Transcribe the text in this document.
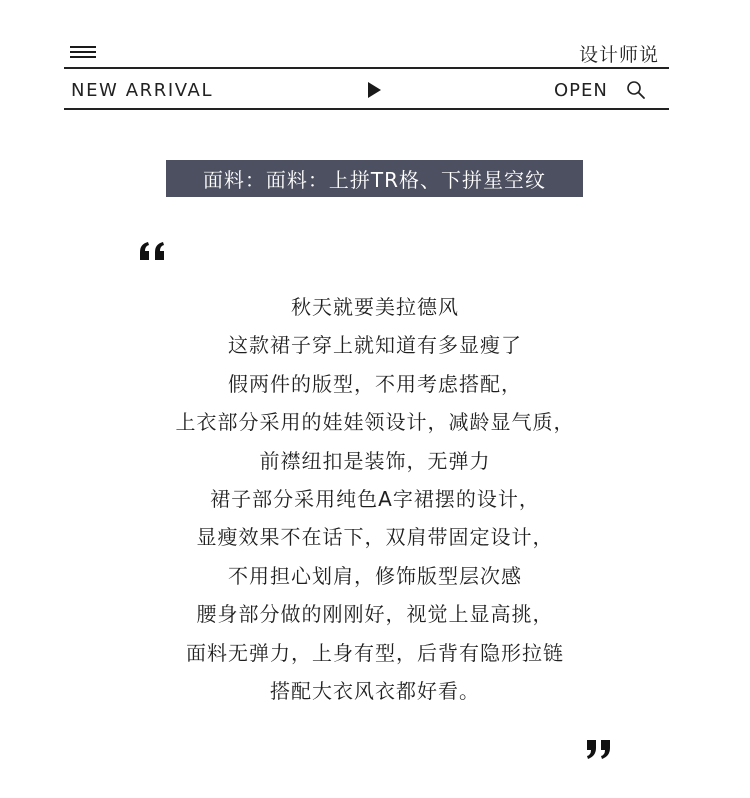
设计师说
NEW ARRIVAL	OPEN
面料：面料：上拼TR格、下拼星空纹
秋天就要美拉德风
这款裙子穿上就知道有多显瘦了
假两件的版型，不用考虑搭配，
上衣部分采用的娃娃领设计，减龄显气质，
前襟纽扣是装饰，无弹力
裙子部分采用纯色A字裙摆的设计，
显瘦效果不在话下，双肩带固定设计，
不用担心划肩，修饰版型层次感
腰身部分做的刚刚好，视觉上显高挑，
面料无弹力，上身有型，后背有隐形拉链
搭配大衣风衣都好看。
